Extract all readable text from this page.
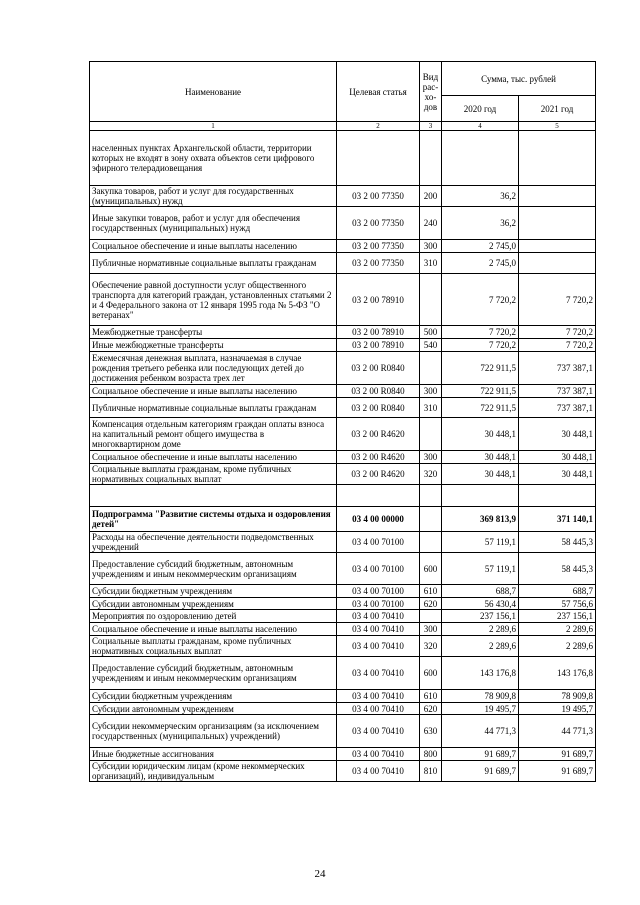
Наименование	Целевая статья	Вид рас- хо- дов	Сумма, тыс. рублей	
			2020 год	2021 год
1	2	3	4	5
населенных пунктах Архангельской области, территории которых не входят в зону охвата объектов сети цифрового эфирного телерадиовещания				
Закупка товаров, работ и услуг для государственных (муниципальных) нужд	03 2 00 77350	200	36,2	
Иные закупки товаров, работ и услуг для обеспечения государственных (муниципальных) нужд	03 2 00 77350	240	36,2	
Социальное обеспечение и иные выплаты населению	03 2 00 77350	300	2 745,0	
Публичные нормативные социальные выплаты гражданам	03 2 00 77350	310	2 745,0	
Обеспечение равной доступности услуг общественного транспорта для категорий граждан, установленных статьями 2 и 4 Федерального закона от 12 января 1995 года № 5-ФЗ "О ветеранах"	03 2 00 78910		7 720,2	7 720,2
Межбюджетные трансферты	03 2 00 78910	500	7 720,2	7 720,2
Иные межбюджетные трансферты	03 2 00 78910	540	7 720,2	7 720,2
Ежемесячная денежная выплата, назначаемая в случае рождения третьего ребенка или последующих детей до достижения ребенком возраста трех лет	03 2 00 R0840		722 911,5	737 387,1
Социальное обеспечение и иные выплаты населению	03 2 00 R0840	300	722 911,5	737 387,1
Публичные нормативные социальные выплаты гражданам	03 2 00 R0840	310	722 911,5	737 387,1
Компенсация отдельным категориям граждан оплаты взноса на капитальный ремонт общего имущества в многоквартирном доме	03 2 00 R4620		30 448,1	30 448,1
Социальное обеспечение и иные выплаты населению	03 2 00 R4620	300	30 448,1	30 448,1
Социальные выплаты гражданам, кроме публичных нормативных социальных выплат	03 2 00 R4620	320	30 448,1	30 448,1

Подпрограмма "Развитие системы отдыха и оздоровления детей"	03 4 00 00000		369 813,9	371 140,1
Расходы на обеспечение деятельности подведомственных учреждений	03 4 00 70100		57 119,1	58 445,3
Предоставление субсидий бюджетным, автономным учреждениям и иным некоммерческим организациям	03 4 00 70100	600	57 119,1	58 445,3
Субсидии бюджетным учреждениям	03 4 00 70100	610	688,7	688,7
Субсидии автономным учреждениям	03 4 00 70100	620	56 430,4	57 756,6
Мероприятия по оздоровлению детей	03 4 00 70410		237 156,1	237 156,1
Социальное обеспечение и иные выплаты населению	03 4 00 70410	300	2 289,6	2 289,6
Социальные выплаты гражданам, кроме публичных нормативных социальных выплат	03 4 00 70410	320	2 289,6	2 289,6
Предоставление субсидий бюджетным, автономным учреждениям и иным некоммерческим организациям	03 4 00 70410	600	143 176,8	143 176,8
Субсидии бюджетным учреждениям	03 4 00 70410	610	78 909,8	78 909,8
Субсидии автономным учреждениям	03 4 00 70410	620	19 495,7	19 495,7
Субсидии некоммерческим организациям (за исключением государственных (муниципальных) учреждений)	03 4 00 70410	630	44 771,3	44 771,3
Иные бюджетные ассигнования	03 4 00 70410	800	91 689,7	91 689,7
Субсидии юридическим лицам (кроме некоммерческих организаций), индивидуальным	03 4 00 70410	810	91 689,7	91 689,7
24
